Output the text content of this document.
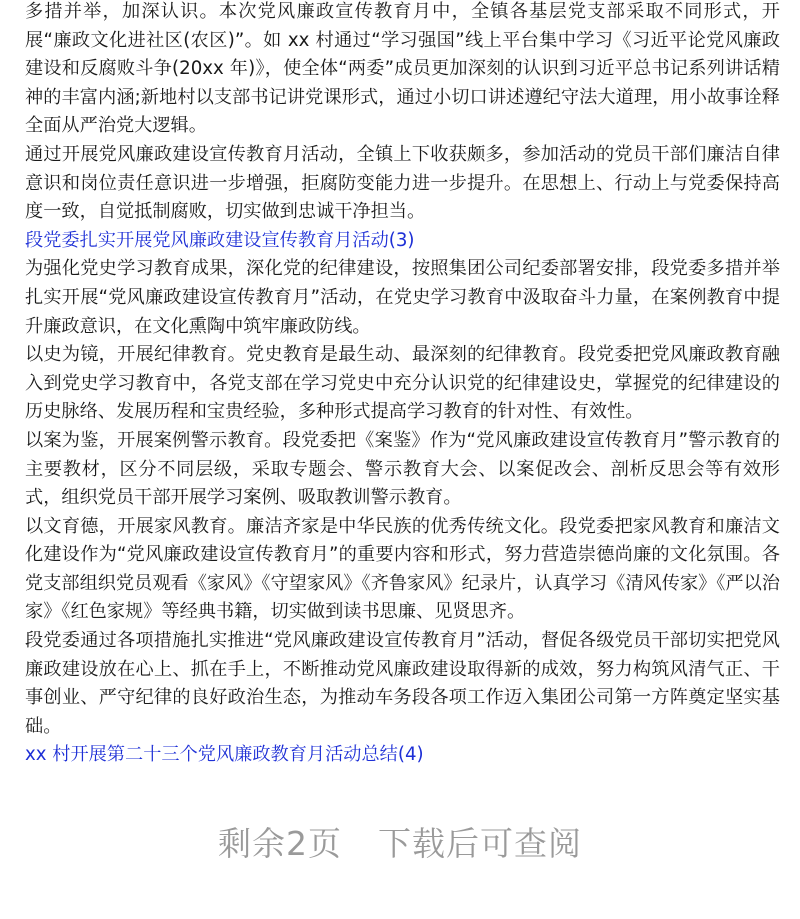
多措并举，加深认识。本次党风廉政宣传教育月中，全镇各基层党支部采取不同形式，开展“廉政文化进社区(农区)”。如 xx 村通过“学习强国”线上平台集中学习《习近平论党风廉政建设和反腐败斗争(20xx 年)》，使全体“两委”成员更加深刻的认识到习近平总书记系列讲话精神的丰富内涵;新地村以支部书记讲党课形式，通过小切口讲述遵纪守法大道理，用小故事诠释全面从严治党大逻辑。

通过开展党风廉政建设宣传教育月活动，全镇上下收获颇多，参加活动的党员干部们廉洁自律意识和岗位责任意识进一步增强，拒腐防变能力进一步提升。在思想上、行动上与党委保持高度一致，自觉抵制腐败，切实做到忠诚干净担当。

段党委扎实开展党风廉政建设宣传教育月活动(3)

为强化党史学习教育成果，深化党的纪律建设，按照集团公司纪委部署安排，段党委多措并举扎实开展“党风廉政建设宣传教育月”活动，在党史学习教育中汲取奋斗力量，在案例教育中提升廉政意识，在文化熏陶中筑牢廉政防线。

以史为镜，开展纪律教育。党史教育是最生动、最深刻的纪律教育。段党委把党风廉政教育融入到党史学习教育中，各党支部在学习党史中充分认识党的纪律建设史，掌握党的纪律建设的历史脉络、发展历程和宝贵经验，多种形式提高学习教育的针对性、有效性。

以案为鉴，开展案例警示教育。段党委把《案鉴》作为“党风廉政建设宣传教育月”警示教育的主要教材，区分不同层级，采取专题会、警示教育大会、以案促改会、剖析反思会等有效形式，组织党员干部开展学习案例、吸取教训警示教育。

以文育德，开展家风教育。廉洁齐家是中华民族的优秀传统文化。段党委把家风教育和廉洁文化建设作为“党风廉政建设宣传教育月”的重要内容和形式，努力营造崇德尚廉的文化氛围。各党支部组织党员观看《家风》《守望家风》《齐鲁家风》纪录片，认真学习《清风传家》《严以治家》《红色家规》等经典书籍，切实做到读书思廉、见贤思齐。

段党委通过各项措施扎实推进“党风廉政建设宣传教育月”活动，督促各级党员干部切实把党风廉政建设放在心上、抓在手上，不断推动党风廉政建设取得新的成效，努力构筑风清气正、干事创业、严守纪律的良好政治生态，为推动车务段各项工作迈入集团公司第一方阵奠定坚实基础。

xx 村开展第二十三个党风廉政教育月活动总结(4)

剩余2页 下载后可查阅
